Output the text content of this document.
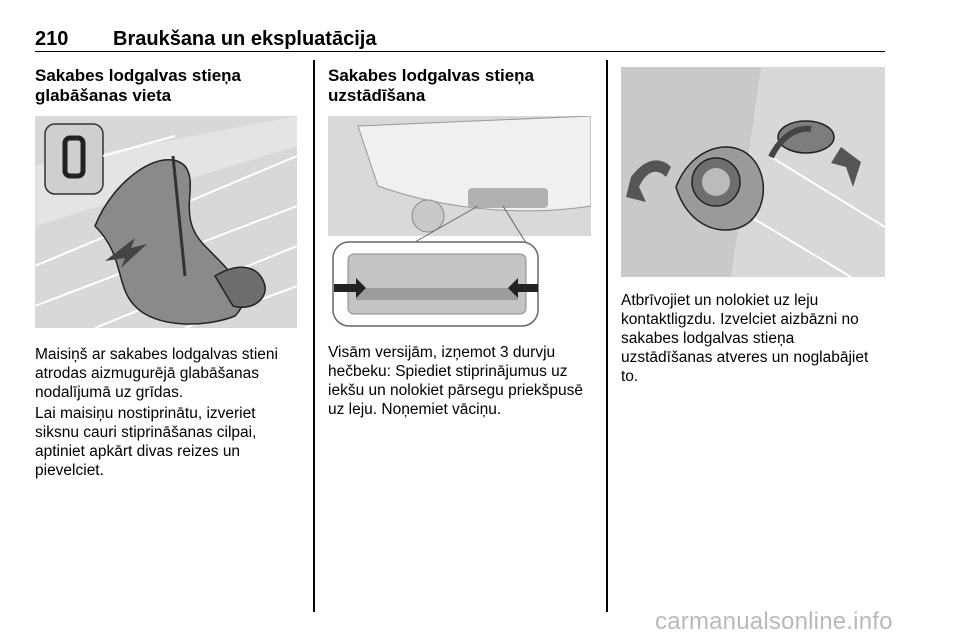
210 Braukšana un ekspluatācija
Sakabes lodgalvas stieņa
glabāšanas vieta
Maisiņš ar sakabes lodgalvas stieni
atrodas aizmugurējā glabāšanas
nodalījumā uz grīdas.
Lai maisiņu nostiprinātu, izveriet
siksnu cauri stiprināšanas cilpai,
aptiniet apkārt divas reizes un
pievelciet.
Sakabes lodgalvas stieņa
uzstādīšana
Visām versijām, izņemot 3 durvju
hečbeku: Spiediet stiprinājumus uz
iekšu un nolokiet pārsegu priekšpusē
uz leju. Noņemiet vāciņu.
Atbrīvojiet un nolokiet uz leju
kontaktligzdu. Izvelciet aizbāzni no
sakabes lodgalvas stieņa
uzstādīšanas atveres un noglabājiet
to.
carmanualsonline.info
